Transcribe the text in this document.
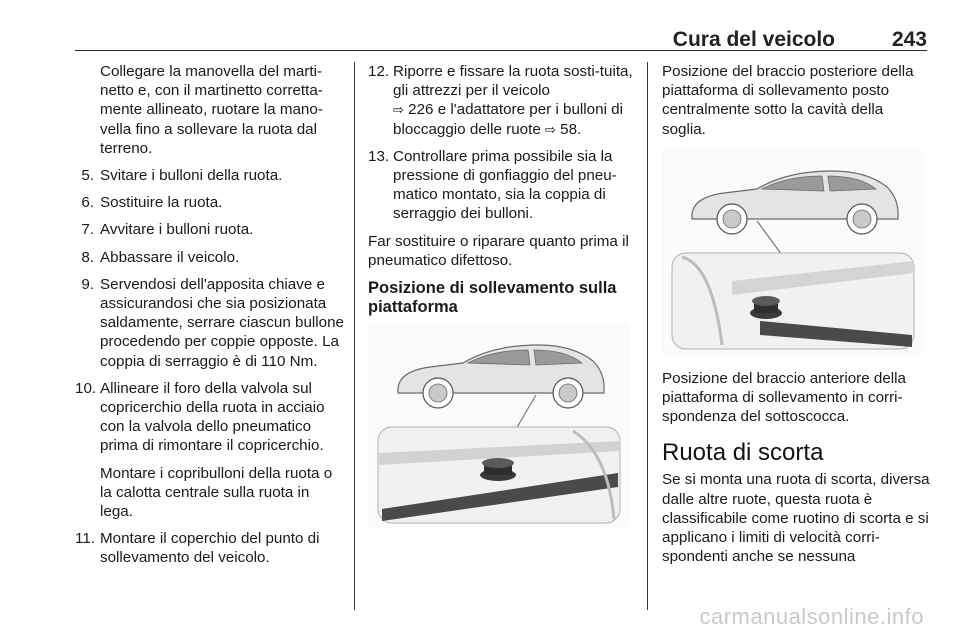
Cura del veicolo	243

Collegare la manovella del marti-netto e, con il martinetto corretta-mente allineato, ruotare la mano-vella fino a sollevare la ruota dal terreno.

5. Svitare i bulloni della ruota.
6. Sostituire la ruota.
7. Avvitare i bulloni ruota.
8. Abbassare il veicolo.
9. Servendosi dell'apposita chiave e assicurandosi che sia posizionata saldamente, serrare ciascun bullone procedendo per coppie opposte. La coppia di serraggio è di 110 Nm.
10. Allineare il foro della valvola sul copricerchio della ruota in acciaio con la valvola dello pneumatico prima di rimontare il copricerchio.

Montare i copribulloni della ruota o la calotta centrale sulla ruota in lega.

11. Montare il coperchio del punto di sollevamento del veicolo.
12. Riporre e fissare la ruota sosti-tuita, gli attrezzi per il veicolo
⇨ 226 e l'adattatore per i bulloni di bloccaggio delle ruote ⇨ 58.
13. Controllare prima possibile sia la pressione di gonfiaggio del pneu-matico montato, sia la coppia di serraggio dei bulloni.

Far sostituire o riparare quanto prima il pneumatico difettoso.

Posizione di sollevamento sulla piattaforma

Posizione del braccio posteriore della piattaforma di sollevamento posto centralmente sotto la cavità della soglia.

Posizione del braccio anteriore della piattaforma di sollevamento in corri-spondenza del sottoscocca.

Ruota di scorta

Se si monta una ruota di scorta, diversa dalle altre ruote, questa ruota è classificabile come ruotino di scorta e si applicano i limiti di velocità corri-spondenti anche se nessuna

carmanualsonline.info
